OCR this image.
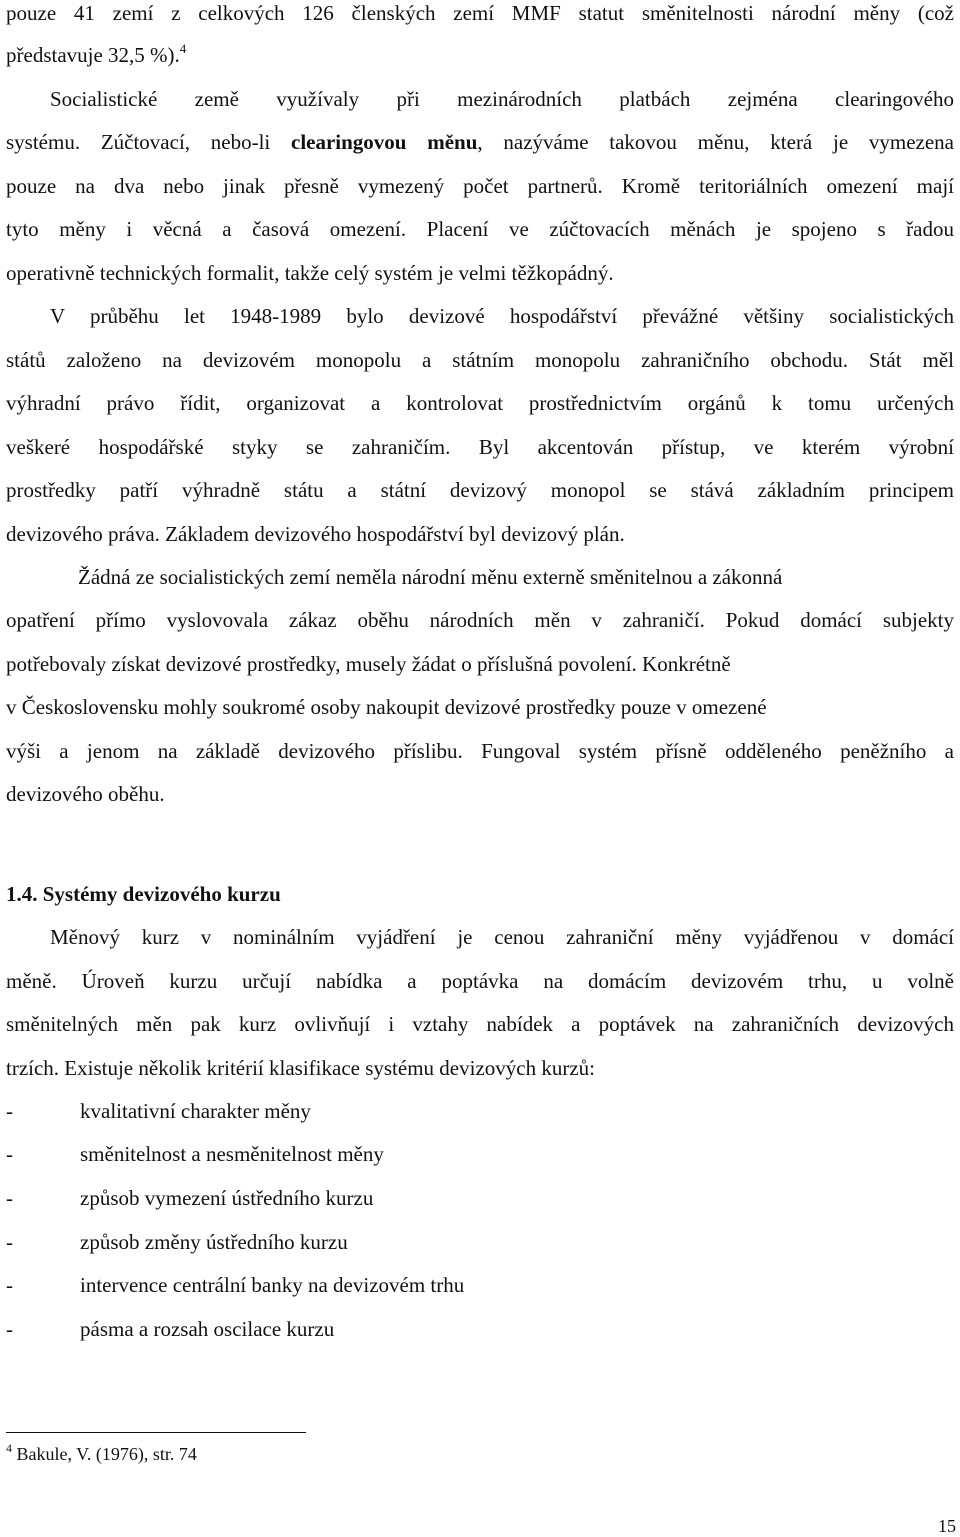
pouze 41 zemí z celkových 126 členských zemí MMF statut směnitelnosti národní měny (což
představuje 32,5 %).$^4$
Socialistické země využívaly při mezinárodních platbách zejména clearingového
systému. Zúčtovací, nebo-li clearingovou měnu, nazýváme takovou měnu, která je vymezena
pouze na dva nebo jinak přesně vymezený počet partnerů. Kromě teritoriálních omezení mají
tyto měny i věcná a časová omezení. Placení ve zúčtovacích měnách je spojeno s řadou
operativně technických formalit, takže celý systém je velmi těžkopádný.
V průběhu let 1948-1989 bylo devizové hospodářství převážné většiny socialistických
států založeno na devizovém monopolu a státním monopolu zahraničního obchodu. Stát měl
výhradní právo řídit, organizovat a kontrolovat prostřednictvím orgánů k tomu určených
veškeré hospodářské styky se zahraničím. Byl akcentován přístup, ve kterém výrobní
prostředky patří výhradně státu a státní devizový monopol se stává základním principem
devizového práva. Základem devizového hospodářství byl devizový plán.
Žádná ze socialistických zemí neměla národní měnu externě směnitelnou a zákonná
opatření přímo vyslovovala zákaz oběhu národních měn v zahraničí. Pokud domácí subjekty
potřebovaly získat devizové prostředky, musely žádat o příslušná povolení. Konkrétně
v Československu mohly soukromé osoby nakoupit devizové prostředky pouze v omezené
výši a jenom na základě devizového příslibu. Fungoval systém přísně odděleného peněžního a
devizového oběhu.
1.4. Systémy devizového kurzu
Měnový kurz v nominálním vyjádření je cenou zahraniční měny vyjádřenou v domácí
měně. Úroveň kurzu určují nabídka a poptávka na domácím devizovém trhu, u volně
směnitelných měn pak kurz ovlivňují i vztahy nabídek a poptávek na zahraničních devizových
trzích. Existuje několik kritérií klasifikace systému devizových kurzů:
-	kvalitativní charakter měny
-	směnitelnost a nesměnitelnost měny
-	způsob vymezení ústředního kurzu
-	způsob změny ústředního kurzu
-	intervence centrální banky na devizovém trhu
-	pásma a rozsah oscilace kurzu
$^4$ Bakule, V. (1976), str. 74
15
